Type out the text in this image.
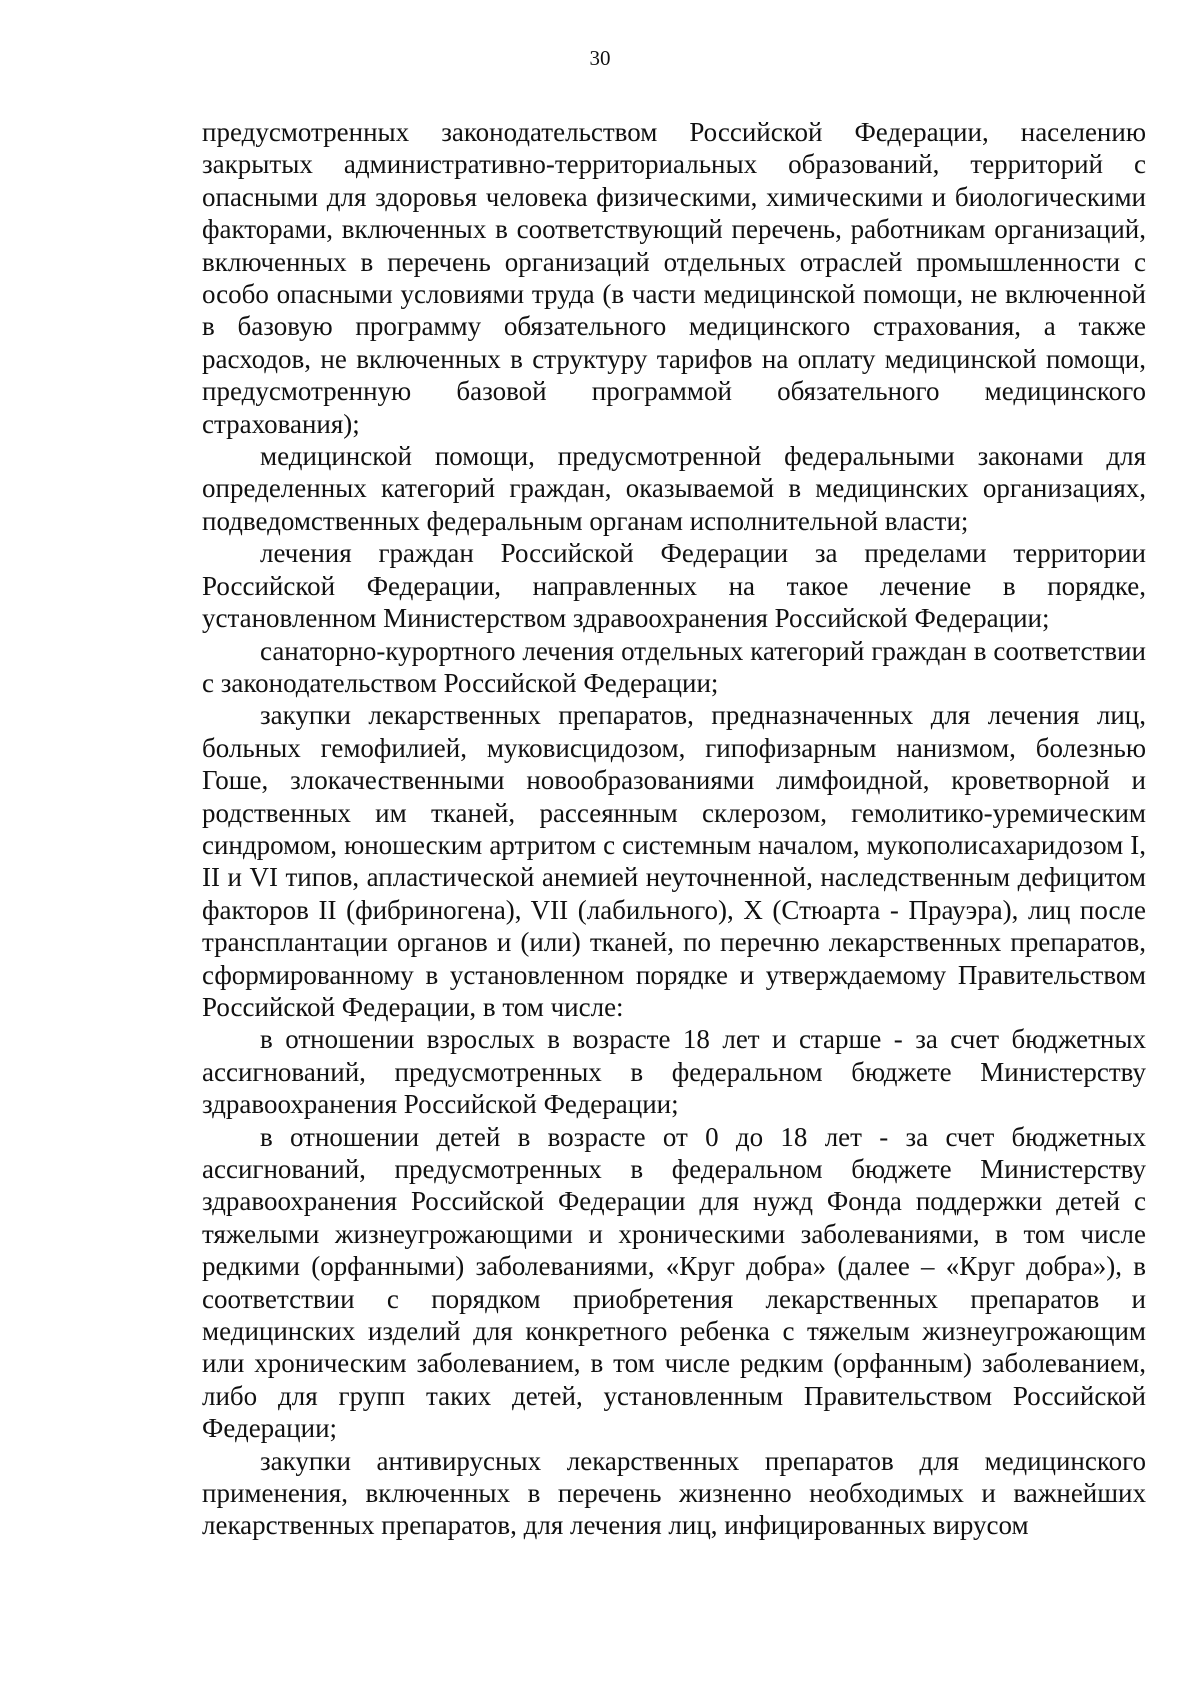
30

предусмотренных законодательством Российской Федерации, населению закрытых административно-территориальных образований, территорий с опасными для здоровья человека физическими, химическими и биологическими факторами, включенных в соответствующий перечень, работникам организаций, включенных в перечень организаций отдельных отраслей промышленности с особо опасными условиями труда (в части медицинской помощи, не включенной в базовую программу обязательного медицинского страхования, а также расходов, не включенных в структуру тарифов на оплату медицинской помощи, предусмотренную базовой программой обязательного медицинского страхования);

медицинской помощи, предусмотренной федеральными законами для определенных категорий граждан, оказываемой в медицинских организациях, подведомственных федеральным органам исполнительной власти;

лечения граждан Российской Федерации за пределами территории Российской Федерации, направленных на такое лечение в порядке, установленном Министерством здравоохранения Российской Федерации;

санаторно-курортного лечения отдельных категорий граждан в соответствии с законодательством Российской Федерации;

закупки лекарственных препаратов, предназначенных для лечения лиц, больных гемофилией, муковисцидозом, гипофизарным нанизмом, болезнью Гоше, злокачественными новообразованиями лимфоидной, кроветворной и родственных им тканей, рассеянным склерозом, гемолитико-уремическим синдромом, юношеским артритом с системным началом, мукополисахаридозом I, II и VI типов, апластической анемией неуточненной, наследственным дефицитом факторов II (фибриногена), VII (лабильного), X (Стюарта - Прауэра), лиц после трансплантации органов и (или) тканей, по перечню лекарственных препаратов, сформированному в установленном порядке и утверждаемому Правительством Российской Федерации, в том числе:

в отношении взрослых в возрасте 18 лет и старше - за счет бюджетных ассигнований, предусмотренных в федеральном бюджете Министерству здравоохранения Российской Федерации;

в отношении детей в возрасте от 0 до 18 лет - за счет бюджетных ассигнований, предусмотренных в федеральном бюджете Министерству здравоохранения Российской Федерации для нужд Фонда поддержки детей с тяжелыми жизнеугрожающими и хроническими заболеваниями, в том числе редкими (орфанными) заболеваниями, «Круг добра» (далее – «Круг добра»), в соответствии с порядком приобретения лекарственных препаратов и медицинских изделий для конкретного ребенка с тяжелым жизнеугрожающим или хроническим заболеванием, в том числе редким (орфанным) заболеванием, либо для групп таких детей, установленным Правительством Российской Федерации;

закупки антивирусных лекарственных препаратов для медицинского применения, включенных в перечень жизненно необходимых и важнейших лекарственных препаратов, для лечения лиц, инфицированных вирусом
